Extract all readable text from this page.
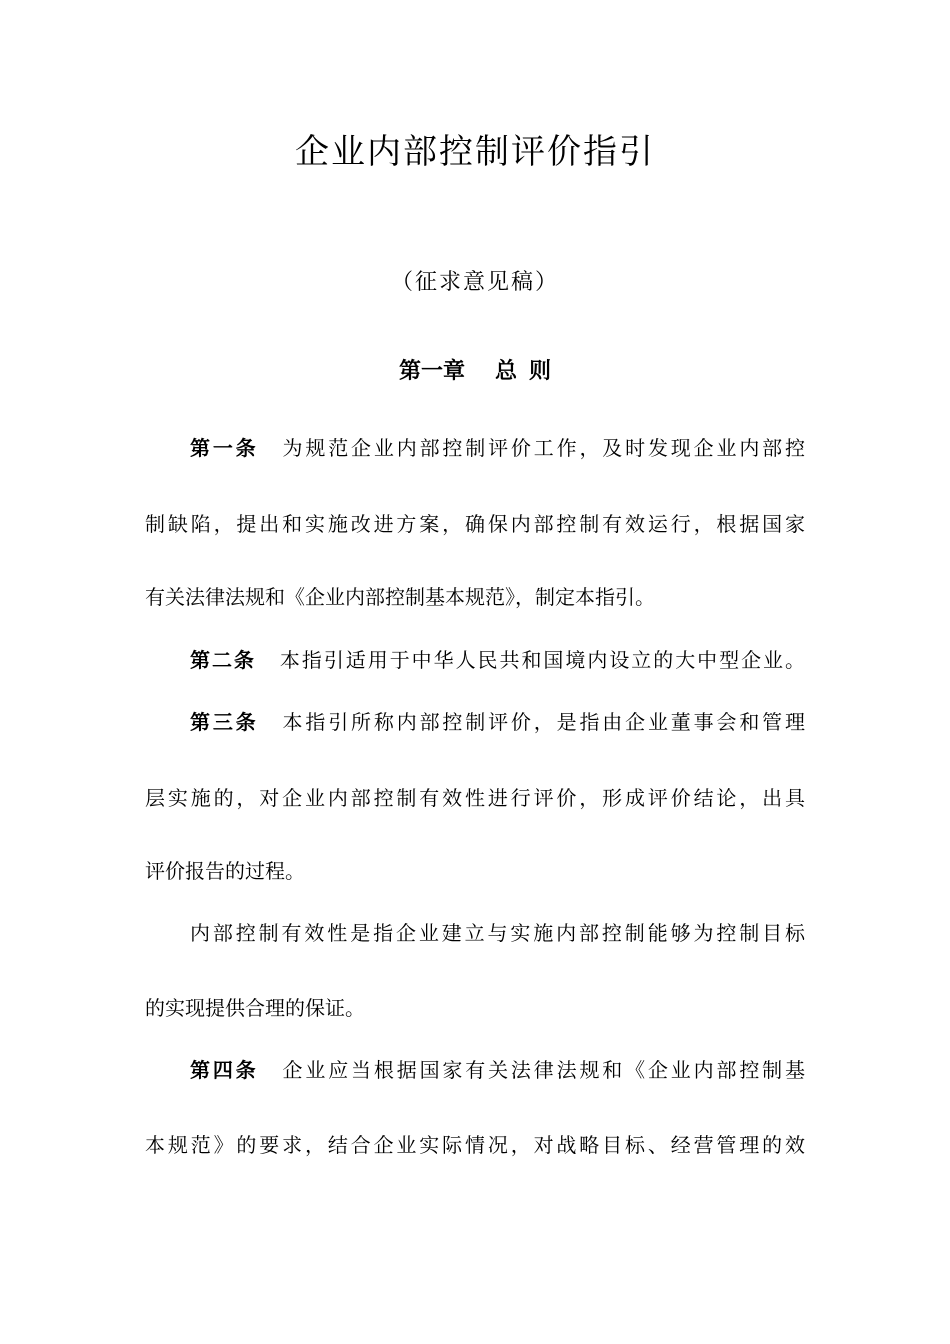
企业内部控制评价指引
（征求意见稿）
第一章 总 则
第一条 为规范企业内部控制评价工作，及时发现企业内部控
制缺陷，提出和实施改进方案，确保内部控制有效运行，根据国家
有关法律法规和《企业内部控制基本规范》，制定本指引。
第二条 本指引适用于中华人民共和国境内设立的大中型企业。
第三条 本指引所称内部控制评价，是指由企业董事会和管理
层实施的，对企业内部控制有效性进行评价，形成评价结论，出具
评价报告的过程。
内部控制有效性是指企业建立与实施内部控制能够为控制目标
的实现提供合理的保证。
第四条 企业应当根据国家有关法律法规和《企业内部控制基
本规范》的要求，结合企业实际情况，对战略目标、经营管理的效
